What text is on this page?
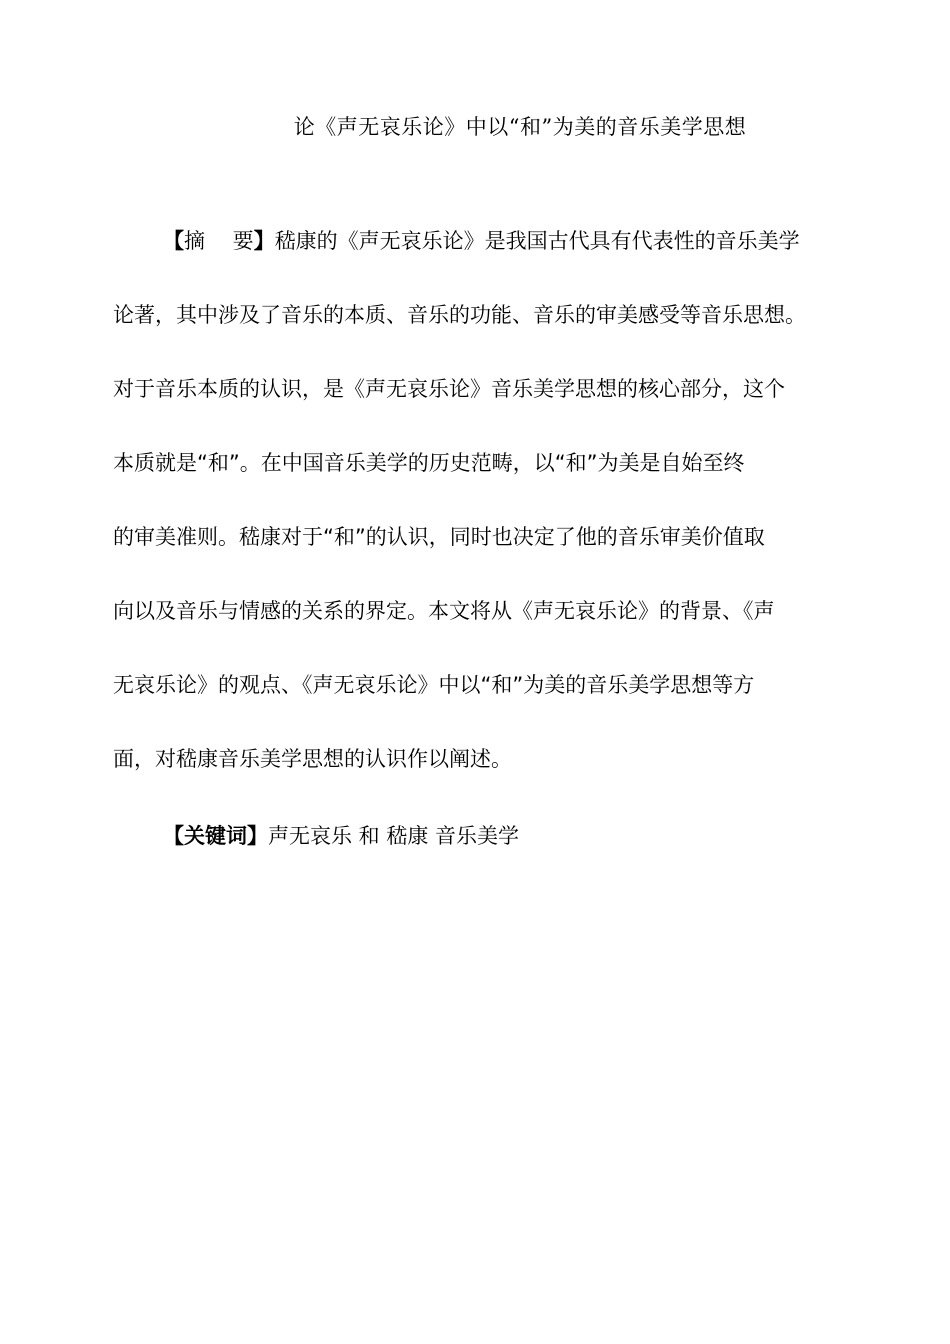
论《声无哀乐论》中以“和”为美的音乐美学思想
【摘　 要】嵇康的《声无哀乐论》是我国古代具有代表性的音乐美学
论著，其中涉及了音乐的本质、音乐的功能、音乐的审美感受等音乐思想。
对于音乐本质的认识，是《声无哀乐论》音乐美学思想的核心部分，这个
本质就是“和”。在中国音乐美学的历史范畴，以“和”为美是自始至终
的审美准则。嵇康对于“和”的认识，同时也决定了他的音乐审美价值取
向以及音乐与情感的关系的界定。本文将从《声无哀乐论》的背景、《声
无哀乐论》的观点、《声无哀乐论》中以“和”为美的音乐美学思想等方
面，对嵇康音乐美学思想的认识作以阐述。
【关键词】声无哀乐 和 嵇康 音乐美学
